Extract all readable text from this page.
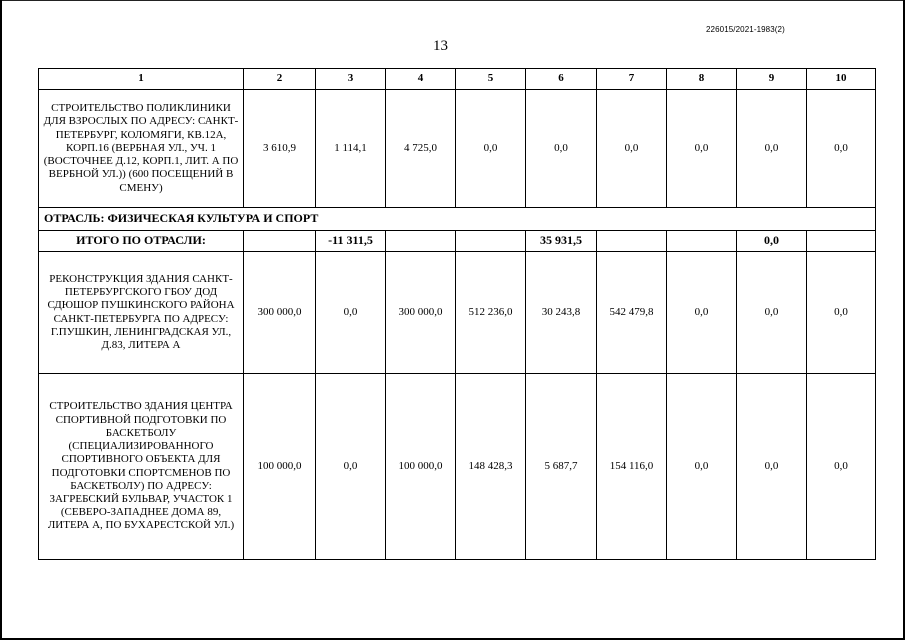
226015/2021-1983(2)
13
1	2	3	4	5	6	7	8	9	10
СТРОИТЕЛЬСТВО ПОЛИКЛИНИКИ ДЛЯ ВЗРОСЛЫХ ПО АДРЕСУ: САНКТ-ПЕТЕРБУРГ, КОЛОМЯГИ, КВ.12А, КОРП.16 (ВЕРБНАЯ УЛ., УЧ. 1 (ВОСТОЧНЕЕ Д.12, КОРП.1, ЛИТ. А ПО ВЕРБНОЙ УЛ.)) (600 ПОСЕЩЕНИЙ В СМЕНУ)	3 610,9	1 114,1	4 725,0	0,0	0,0	0,0	0,0	0,0	0,0
ОТРАСЛЬ: ФИЗИЧЕСКАЯ КУЛЬТУРА И СПОРТ									
ИТОГО ПО ОТРАСЛИ:		-11 311,5			35 931,5			0,0	
РЕКОНСТРУКЦИЯ ЗДАНИЯ САНКТ-ПЕТЕРБУРГСКОГО ГБОУ ДОД СДЮШОР ПУШКИНСКОГО РАЙОНА САНКТ-ПЕТЕРБУРГА ПО АДРЕСУ: Г.ПУШКИН, ЛЕНИНГРАДСКАЯ УЛ., Д.83, ЛИТЕРА А	300 000,0	0,0	300 000,0	512 236,0	30 243,8	542 479,8	0,0	0,0	0,0
СТРОИТЕЛЬСТВО ЗДАНИЯ ЦЕНТРА СПОРТИВНОЙ ПОДГОТОВКИ ПО БАСКЕТБОЛУ (СПЕЦИАЛИЗИРОВАННОГО СПОРТИВНОГО ОБЪЕКТА ДЛЯ ПОДГОТОВКИ СПОРТСМЕНОВ ПО БАСКЕТБОЛУ) ПО АДРЕСУ: ЗАГРЕБСКИЙ БУЛЬВАР, УЧАСТОК 1 (СЕВЕРО-ЗАПАДНЕЕ ДОМА 89, ЛИТЕРА А, ПО БУХАРЕСТСКОЙ УЛ.)	100 000,0	0,0	100 000,0	148 428,3	5 687,7	154 116,0	0,0	0,0	0,0
